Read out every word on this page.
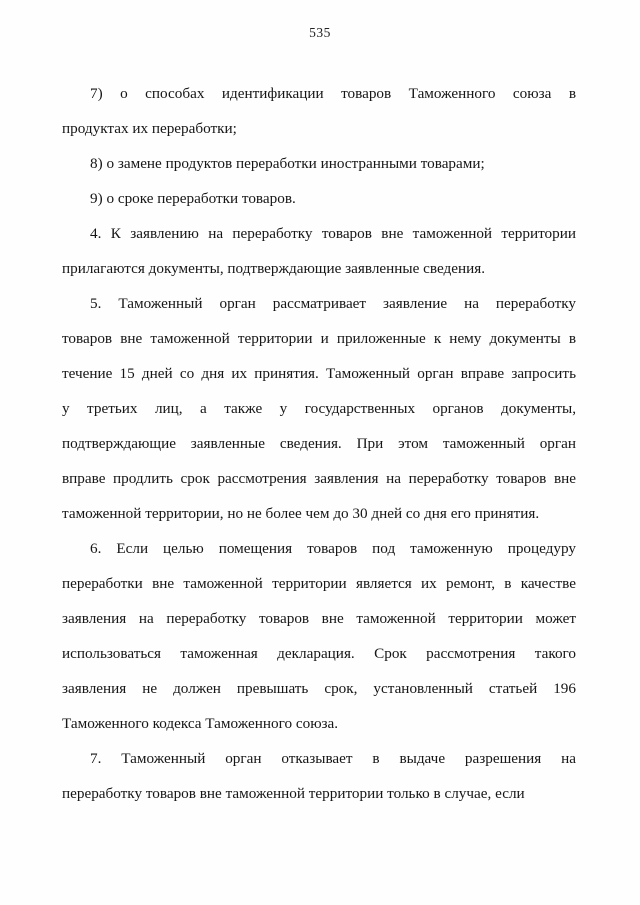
535
7) о способах идентификации товаров Таможенного союза в
продуктах их переработки;
8) о замене продуктов переработки иностранными товарами;
9) о сроке переработки товаров.
4. К заявлению на переработку товаров вне таможенной территории
прилагаются документы, подтверждающие заявленные сведения.
5. Таможенный орган рассматривает заявление на переработку
товаров вне таможенной территории и приложенные к нему документы в
течение 15 дней со дня их принятия. Таможенный орган вправе запросить
у третьих лиц, а также у государственных органов документы,
подтверждающие заявленные сведения. При этом таможенный орган
вправе продлить срок рассмотрения заявления на переработку товаров вне
таможенной территории, но не более чем до 30 дней со дня его принятия.
6. Если целью помещения товаров под таможенную процедуру
переработки вне таможенной территории является их ремонт, в качестве
заявления на переработку товаров вне таможенной территории может
использоваться таможенная декларация. Срок рассмотрения такого
заявления не должен превышать срок, установленный статьей 196
Таможенного кодекса Таможенного союза.
7. Таможенный орган отказывает в выдаче разрешения на
переработку товаров вне таможенной территории только в случае, если
